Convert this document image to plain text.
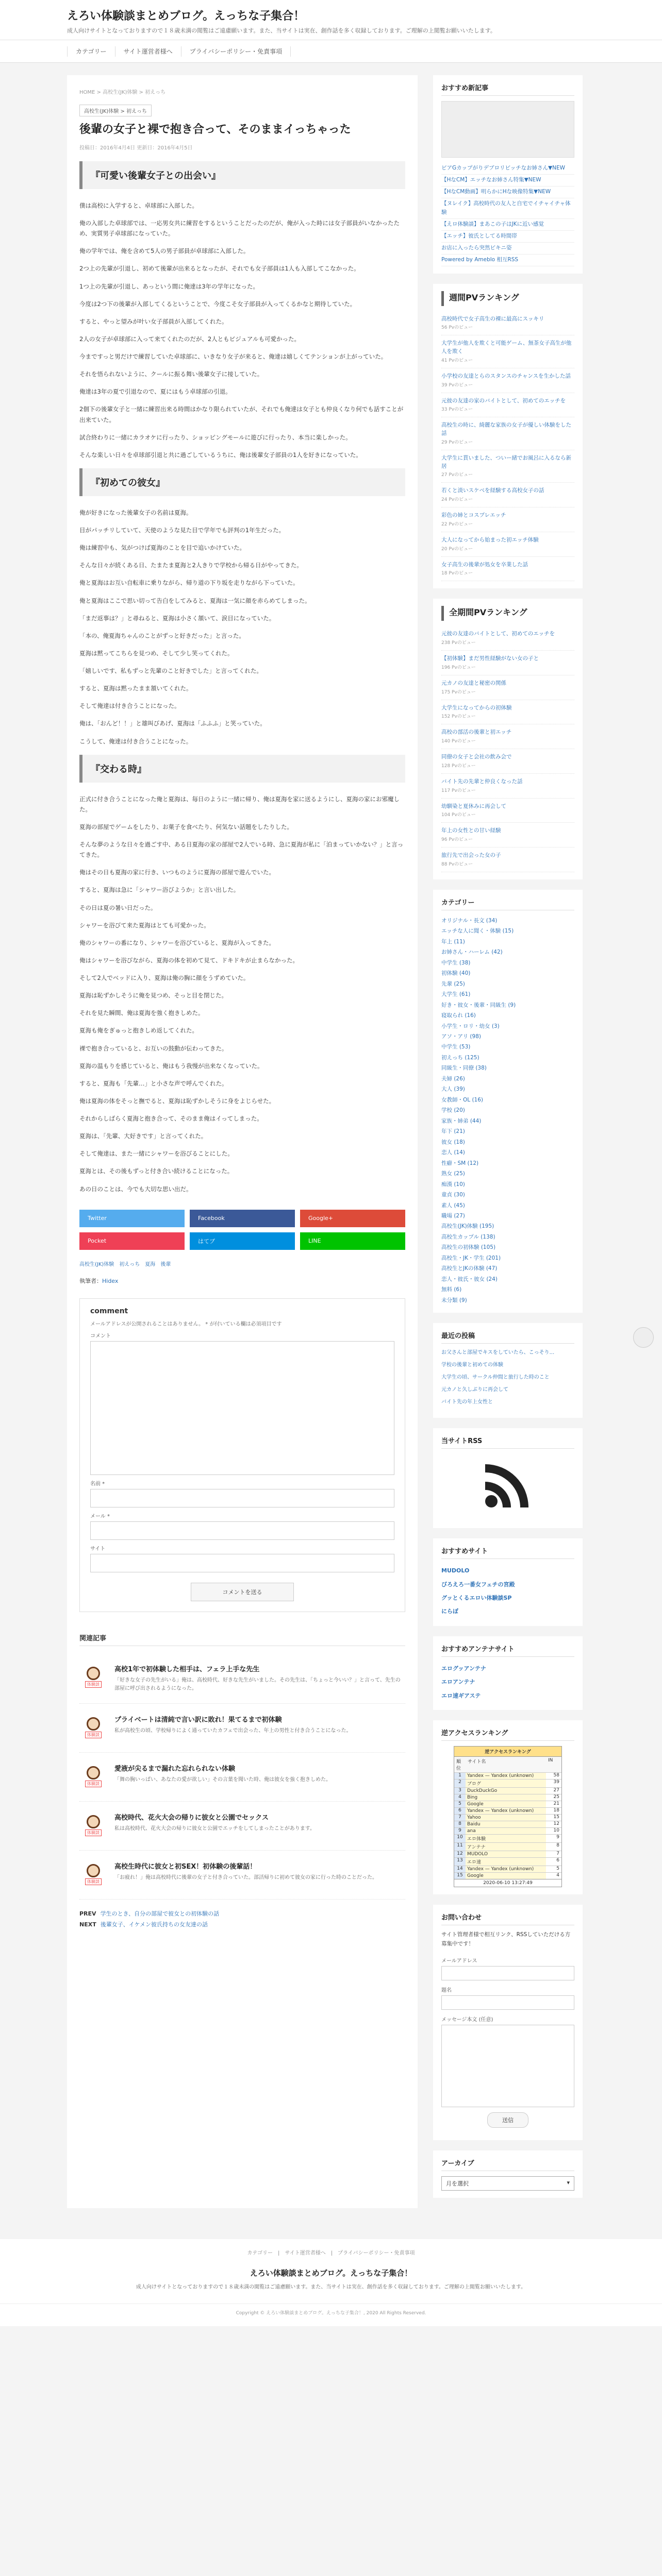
えろい体験談まとめブログ。えっちな子集合！
成人向けサイトとなっておりますので１８歳未満の閲覧はご遠慮願います。また、当サイトは実在、創作話を多く収録しております。ご理解の上閲覧お願いいたします。
カテゴリー	サイト運営者様へ	プライバシーポリシー・免責事項
HOME > 高校生(JK)体験 > 初えっち
高校生(JK)体験 > 初えっち
後輩の女子と裸で抱き合って、そのままイっちゃった
投稿日：2016年4月4日 更新日：2016年4月5日
『可愛い後輩女子との出会い』

僕は高校に入学すると、卓球部に入部した。

俺の入部した卓球部では、一応男女共に練習をするということだったのだが、俺が入った時には女子部員がいなかったため、実質男子卓球部になっていた。

俺の学年では、俺を含めて5人の男子部員が卓球部に入部した。

2つ上の先輩が引退し、初めて後輩が出来るとなったが、それでも女子部員は1人も入部してこなかった。

1つ上の先輩が引退し、あっという間に俺達は3年の学年になった。

今度は2つ下の後輩が入部してくるということで、今度こそ女子部員が入ってくるかなと期待していた。

すると、やっと望みが叶い女子部員が入部してくれた。

2人の女子が卓球部に入って来てくれたのだが、2人ともビジュアルも可愛かった。

今まですっと男だけで練習していた卓球部に、いきなり女子が来ると、俺達は嬉しくてテンションが上がっていた。

それを悟られないように、クールに振る舞い後輩女子に接していた。

俺達は3年の夏で引退なので、夏にはもう卓球部の引退。

2個下の後輩女子と一緒に練習出来る時間はかなり限られていたが、それでも俺達は女子とも仲良くなり何でも話すことが出来ていた。

試合終わりに一緒にカラオケに行ったり、ショッピングモールに遊びに行ったり、本当に楽しかった。

そんな楽しい日々を卓球部引退と共に過ごしているうちに、俺は後輩女子部員の1人を好きになっていた。

『初めての彼女』

俺が好きになった後輩女子の名前は夏海。

目がパッチリしていて、天使のような見た目で学年でも評判の1年生だった。

俺は練習中も、気がつけば夏海のことを目で追いかけていた。

そんな日々が続くある日、たまたま夏海と2人きりで学校から帰る日がやってきた。

俺と夏海はお互い自転車に乗りながら、帰り道の下り坂を走りながら下っていた。

俺と夏海はここで思い切って告白をしてみると、夏海は一気に顔を赤らめてしまった。

「まだ返事は？」と尋ねると、夏海は小さく頷いて、涙目になっていた。

「本の、俺夏海ちゃんのことがずっと好きだった」と言った。

夏海は黙ってこちらを見つめ、そして少し笑ってくれた。

「嬉しいです、私もずっと先輩のこと好きでした」と言ってくれた。

すると、夏海は黙ったまま頷いてくれた。

そして俺達は付き合うことになった。

俺は、「おんど！！」と雄叫びあげ、夏海は「ふふふ」と笑っていた。

こうして、俺達は付き合うことになった。

『交わる時』

正式に付き合うことになった俺と夏海は、毎日のように一緒に帰り、俺は夏海を家に送るようにし、夏海の家にお邪魔した。

夏海の部屋でゲームをしたり、お菓子を食べたり、何気ない話題をしたりした。

そんな夢のような日々を過ごす中、ある日夏海の家の部屋で2人でいる時、急に夏海が私に「泊まっていかない？」と言ってきた。

俺はその日も夏海の家に行き、いつものように夏海の部屋で遊んでいた。

すると、夏海は急に「シャワー浴びようか」と言い出した。

その日は夏の暑い日だった。

シャワーを浴びて来た夏海はとても可愛かった。

俺のシャワーの番になり、シャワーを浴びていると、夏海が入ってきた。

俺はシャワーを浴びながら、夏海の体を初めて見て、ドキドキが止まらなかった。

そして2人でベッドに入り、夏海は俺の胸に顔をうずめていた。

夏海は恥ずかしそうに俺を見つめ、そっと目を閉じた。

それを見た瞬間、俺は夏海を強く抱きしめた。

夏海も俺をぎゅっと抱きしめ返してくれた。

裸で抱き合っていると、お互いの鼓動が伝わってきた。

夏海の温もりを感じていると、俺はもう我慢が出来なくなっていた。

すると、夏海も「先輩…」と小さな声で呼んでくれた。

俺は夏海の体をそっと撫でると、夏海は恥ずかしそうに身をよじらせた。

それからしばらく夏海と抱き合って、そのまま俺はイってしまった。

夏海は、「先輩、大好きです」と言ってくれた。

そして俺達は、また一緒にシャワーを浴びることにした。

夏海とは、その後もずっと付き合い続けることになった。

あの日のことは、今でも大切な思い出だ。

Twitter	Facebook	Google+
Pocket	はてブ	LINE
高校生(JK)体験 初えっち 夏海 後輩
執筆者：Hidex
comment
メールアドレスが公開されることはありません。 * が付いている欄は必須項目です
コメント
名前 *
メール *
サイト
コメントを送る
関連記事
体験談
高校1年で初体験した相手は、フェラ上手な先生

「好きな女子の先生がいる」俺は、高校時代、好きな先生がいました。その先生は、「ちょっと今いい？」と言って、先生の部屋に呼び出されるようになった。

体験談
プライベートは清純で言い訳に敗れ！果てるまで初体験

私が高校生の頃、学校帰りによく通っていたカフェで出会った、年上の男性と付き合うことになった。

体験談
愛液が尖るまで漏れた忘れられない体験

「舞の胸いっぱい、あなたの愛が欲しい」その言葉を聞いた時、俺は彼女を強く抱きしめた。

体験談
高校時代、花火大会の帰りに彼女と公園でセックス

私は高校時代、花火大会の帰りに彼女と公園でエッチをしてしまったことがあります。

体験談
高校生時代に彼女と初SEX！初体験の後輩話！

「お疲れ！」俺は高校時代に後輩の女子と付き合っていた。部活帰りに初めて彼女の家に行った時のことだった。

PREV 学生のとき、自分の部屋で彼女との初体験の話
NEXT 後輩女子、イケメン彼氏持ちの女友達の話
おすすめ新記事
ビアGカップがりデブロリビッチなお姉さん▼NEW
【HなCM】エッチなお姉さん特集▼NEW
【HなCM動画】明らかにHな映像特集▼NEW
【ヌレイク】高校時代の友人と自宅でイチャイチャ体験
【えロ体験談】まあこの子はJKに近い感覚
【エッチ】彼氏としてる時間帯
お店に入ったら突然ビキニ姿
Powered by Ameblo 相互RSS
週間PVランキング
高校時代で女子高生の裸に最高にスッキリ
56 Pvのビュー
大学生が他人を欺くと可能ゲーム、無茶女子高生が他人を欺く
41 Pvのビュー
小学校の友達とらのスタンスのチャンスを生かした話
39 Pvのビュー
元彼の友達の家のバイトとして、初めてのエッチを
33 Pvのビュー
高校生の時に、綺麗な家族の女子が優しい体験をした話
29 Pvのビュー
大学生に貰いました、ついー緒でお風呂に入るなら新居
27 Pvのビュー
若くと淡いスケベを経験する高校女子の話
24 Pvのビュー
彩色の姉とコスプレエッチ
22 Pvのビュー
大人になってから始まった初エッチ体験
20 Pvのビュー
女子高生の後輩が処女を卒業した話
18 Pvのビュー
全期間PVランキング
元彼の友達のバイトとして、初めてのエッチを
238 Pvのビュー
【初体験】まだ男性経験がない女の子と
196 Pvのビュー
元カノの友達と秘密の関係
175 Pvのビュー
大学生になってからの初体験
152 Pvのビュー
高校の部活の後輩と初エッチ
140 Pvのビュー
同僚の女子と会社の飲み会で
128 Pvのビュー
バイト先の先輩と仲良くなった話
117 Pvのビュー
幼馴染と夏休みに再会して
104 Pvのビュー
年上の女性との甘い経験
96 Pvのビュー
旅行先で出会った女の子
88 Pvのビュー
カテゴリー
オリジナル・長文 (34)
エッチな人に聞く・体験 (15)
年上 (11)
お姉さん・ハーレム (42)
中学生 (38)
初体験 (40)
先輩 (25)
大学生 (61)
好き・彼女・後輩・同級生 (9)
寝取られ (16)
小学生・ロリ・幼女 (3)
アソ・アリ (98)
中学生 (53)
初えっち (125)
同級生・同僚 (38)
夫婦 (26)
大人 (39)
女教師・OL (16)
学校 (20)
家族・姉弟 (44)
年下 (21)
彼女 (18)
恋人 (14)
性癖・SM (12)
熟女 (25)
痴漢 (10)
童貞 (30)
素人 (45)
職場 (27)
高校生(JK)体験 (195)
高校生カップル (138)
高校生の初体験 (105)
高校生・JK・学生 (201)
高校生とJKの体験 (47)
恋人・彼氏・彼女 (24)
無料 (6)
未分類 (9)
最近の投稿
お父さんと部屋でキスをしていたら、こっそり...
学校の後輩と初めての体験
大学生の頃、サークル仲間と旅行した時のこと
元カノと久しぶりに再会して
バイト先の年上女性と
当サイトRSS
おすすめサイト
MUDOLO
びろえろ一番女フェチの宮殿
グッとくるエロい体験談SP
にらぼ
おすすめアンテナサイト
エログッアンテナ
エロアンテナ
エロ速ギアステ
逆アクセスランキング
逆アクセスランキング
順位
サイト名	IN
1	Yandex — Yandex (unknown)	58
2	ブログ	39
3	DuckDuckGo	27
4	Bing	25
5	Google	21
6	Yandex — Yandex (unknown)	18
7	Yahoo	15
8	Baidu	12
9	ana	10
10 エロ体験	9
11 アンテナ	8
12 MUDOLO	7
13 エロ速	6
14 Yandex — Yandex (unknown)	5
15 Google	4
2020-06-10 13:27:49
お問い合わせ
サイト管理者様で相互リンク、RSSしていただける方募集中です！
メールアドレス
題名
メッセージ本文 (任意)
送信
アーカイブ
月を選択	▾
カテゴリー　|　サイト運営者様へ　|　プライバシーポリシー・免責事項
えろい体験談まとめブログ。えっちな子集合！
成人向けサイトとなっておりますので１８歳未満の閲覧はご遠慮願います。また、当サイトは実在、創作話を多く収録しております。ご理解の上閲覧お願いいたします。
Copyright © えろい体験談まとめブログ。えっちな子集合！, 2020 All Rights Reserved.
